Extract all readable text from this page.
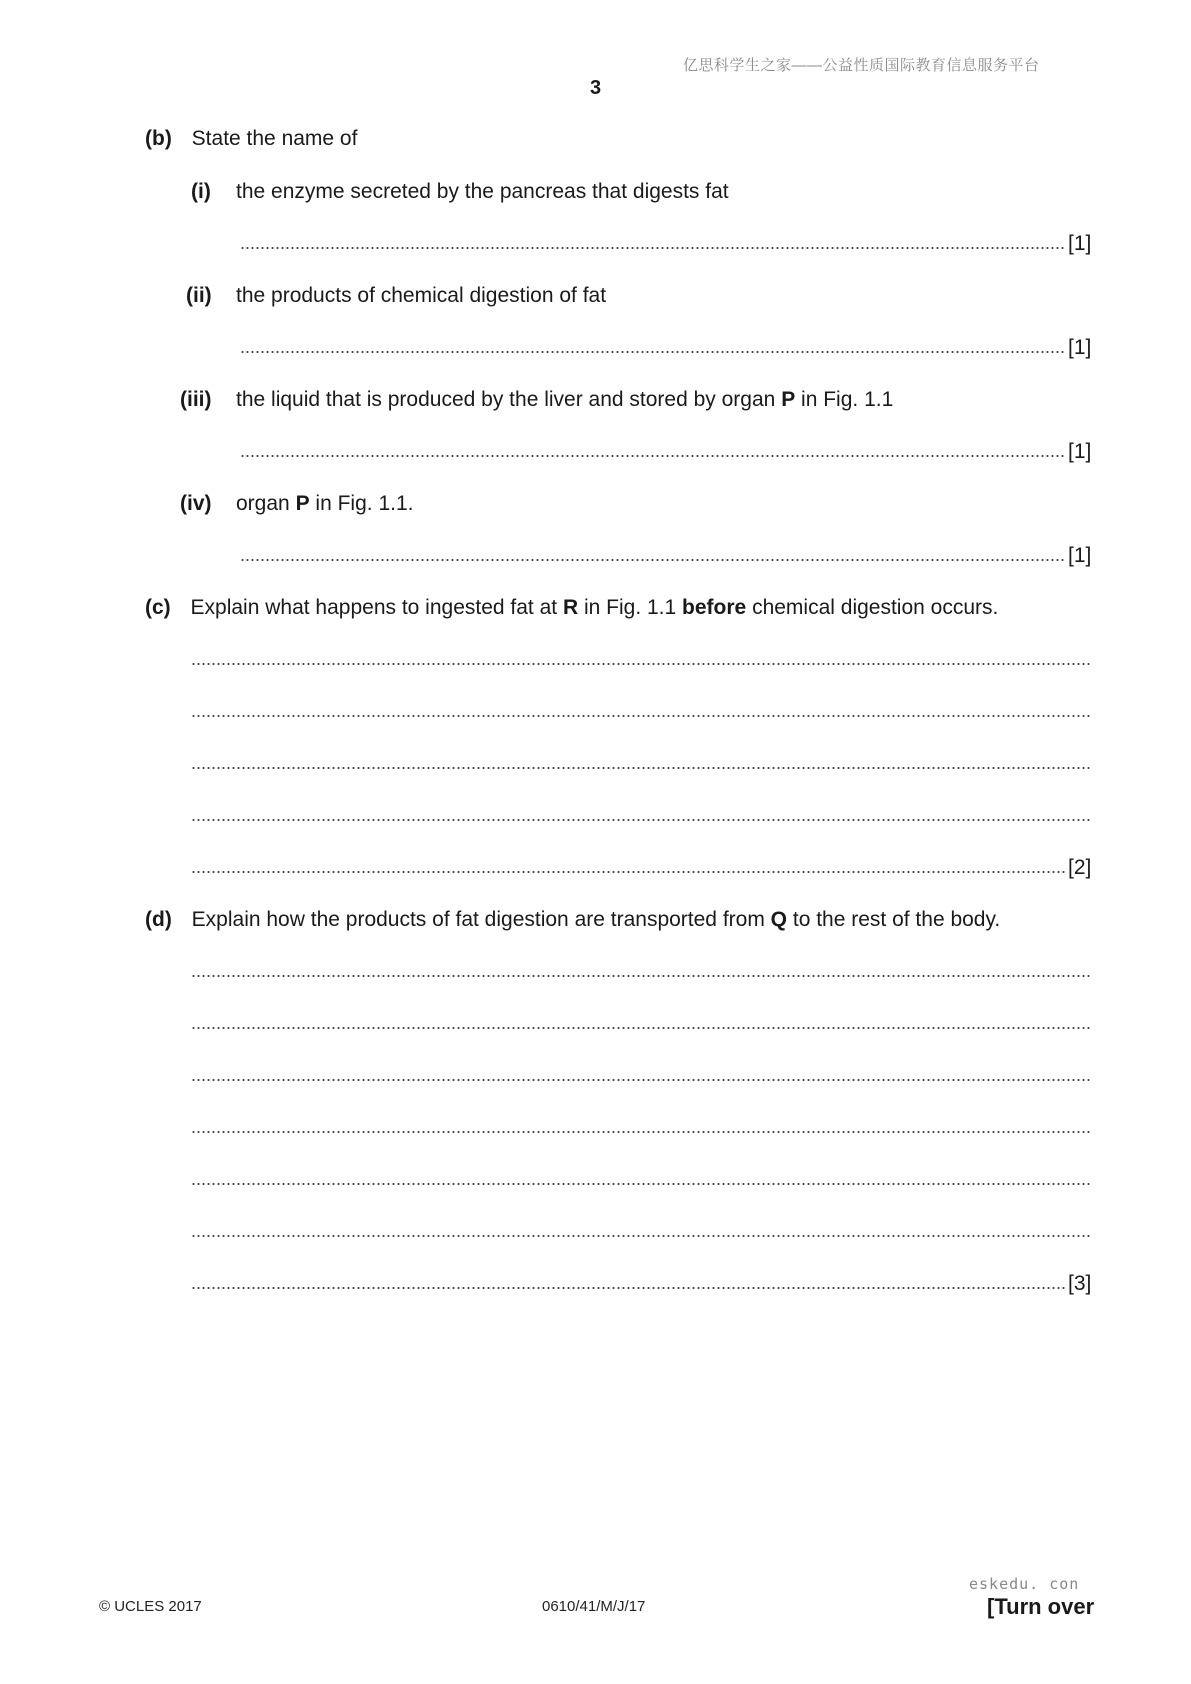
亿思科学生之家——公益性质国际教育信息服务平台
3
(b) State the name of
(i) the enzyme secreted by the pancreas that digests fat
[1]
(ii) the products of chemical digestion of fat
[1]
(iii) the liquid that is produced by the liver and stored by organ P in Fig. 1.1
[1]
(iv) organ P in Fig. 1.1.
[1]
(c) Explain what happens to ingested fat at R in Fig. 1.1 before chemical digestion occurs.
[2]
(d) Explain how the products of fat digestion are transported from Q to the rest of the body.
[3]
© UCLES 2017	0610/41/M/J/17
eskedu. con
[Turn over
